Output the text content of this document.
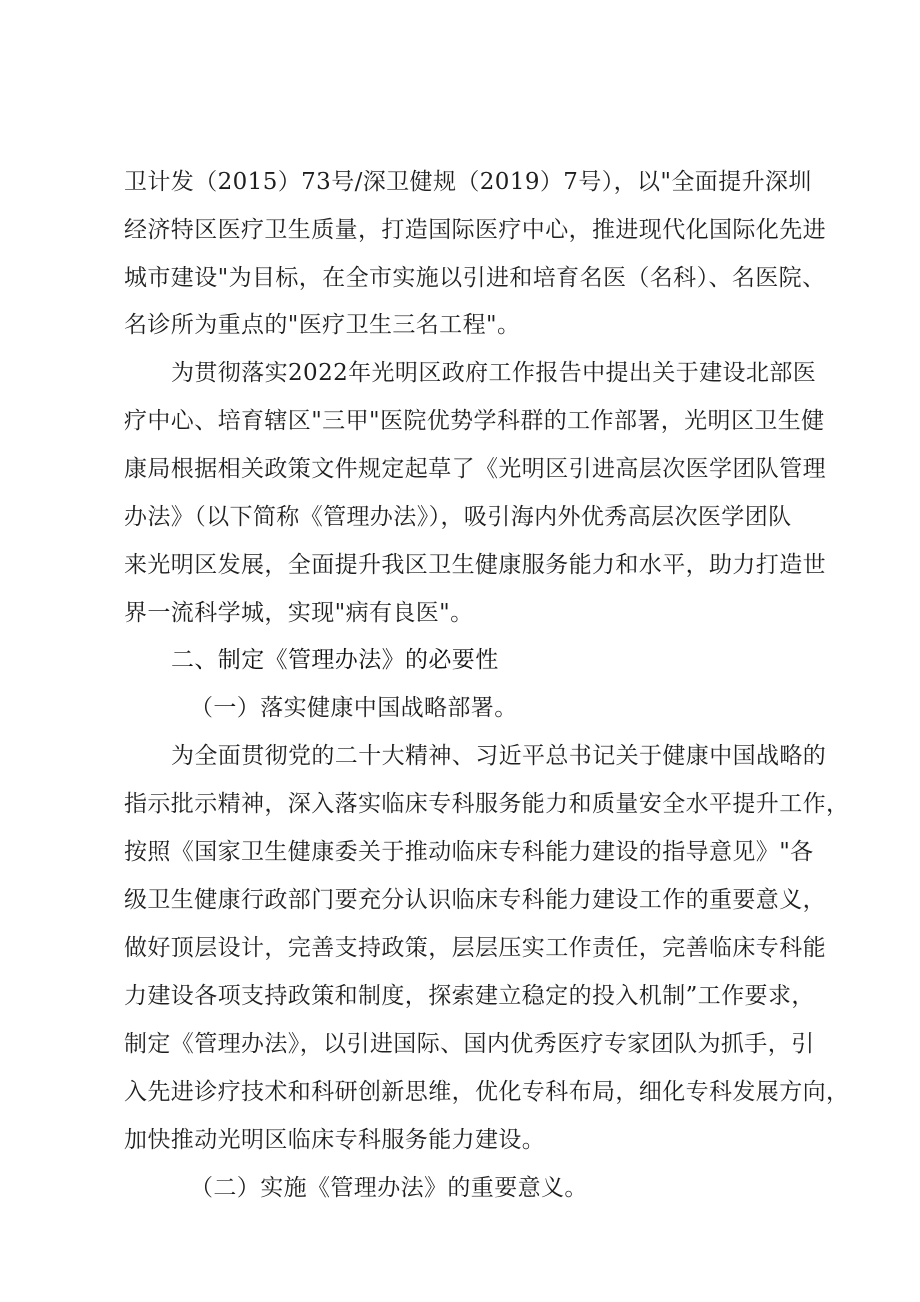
卫计发（2015）73号/深卫健规（2019）7号），以"全面提升深圳

经济特区医疗卫生质量，打造国际医疗中心，推进现代化国际化先进

城市建设"为目标，在全市实施以引进和培育名医（名科）、名医院、

名诊所为重点的"医疗卫生三名工程"。

为贯彻落实2022年光明区政府工作报告中提出关于建设北部医

疗中心、培育辖区"三甲"医院优势学科群的工作部署，光明区卫生健

康局根据相关政策文件规定起草了《光明区引进高层次医学团队管理

办法》（以下简称《管理办法》），吸引海内外优秀高层次医学团队

来光明区发展，全面提升我区卫生健康服务能力和水平，助力打造世

界一流科学城，实现"病有良医"。

二、制定《管理办法》的必要性

（一）落实健康中国战略部署。

为全面贯彻党的二十大精神、习近平总书记关于健康中国战略的

指示批示精神，深入落实临床专科服务能力和质量安全水平提升工作，

按照《国家卫生健康委关于推动临床专科能力建设的指导意见》"各

级卫生健康行政部门要充分认识临床专科能力建设工作的重要意义，

做好顶层设计，完善支持政策，层层压实工作责任，完善临床专科能

力建设各项支持政策和制度，探索建立稳定的投入机制”工作要求，

制定《管理办法》，以引进国际、国内优秀医疗专家团队为抓手，引

入先进诊疗技术和科研创新思维，优化专科布局，细化专科发展方向，

加快推动光明区临床专科服务能力建设。

（二）实施《管理办法》的重要意义。
